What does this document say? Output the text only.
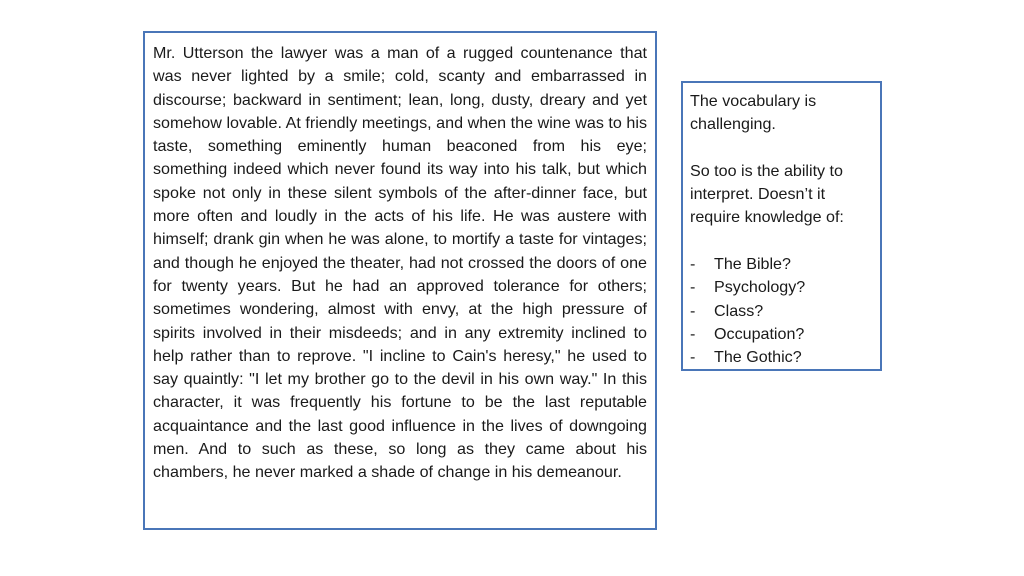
Mr. Utterson the lawyer was a man of a rugged countenance that was never lighted by a smile; cold, scanty and embarrassed in discourse; backward in sentiment; lean, long, dusty, dreary and yet somehow lovable. At friendly meetings, and when the wine was to his taste, something eminently human beaconed from his eye; something indeed which never found its way into his talk, but which spoke not only in these silent symbols of the after-dinner face, but more often and loudly in the acts of his life. He was austere with himself; drank gin when he was alone, to mortify a taste for vintages; and though he enjoyed the theater, had not crossed the doors of one for twenty years. But he had an approved tolerance for others; sometimes wondering, almost with envy, at the high pressure of spirits involved in their misdeeds; and in any extremity inclined to help rather than to reprove. "I incline to Cain's heresy," he used to say quaintly: "I let my brother go to the devil in his own way." In this character, it was frequently his fortune to be the last reputable acquaintance and the last good influence in the lives of downgoing men. And to such as these, so long as they came about his chambers, he never marked a shade of change in his demeanour.

The vocabulary is challenging.

So too is the ability to interpret. Doesn’t it require knowledge of:

-	The Bible?
-	Psychology?
-	Class?
-	Occupation?
-	The Gothic?
